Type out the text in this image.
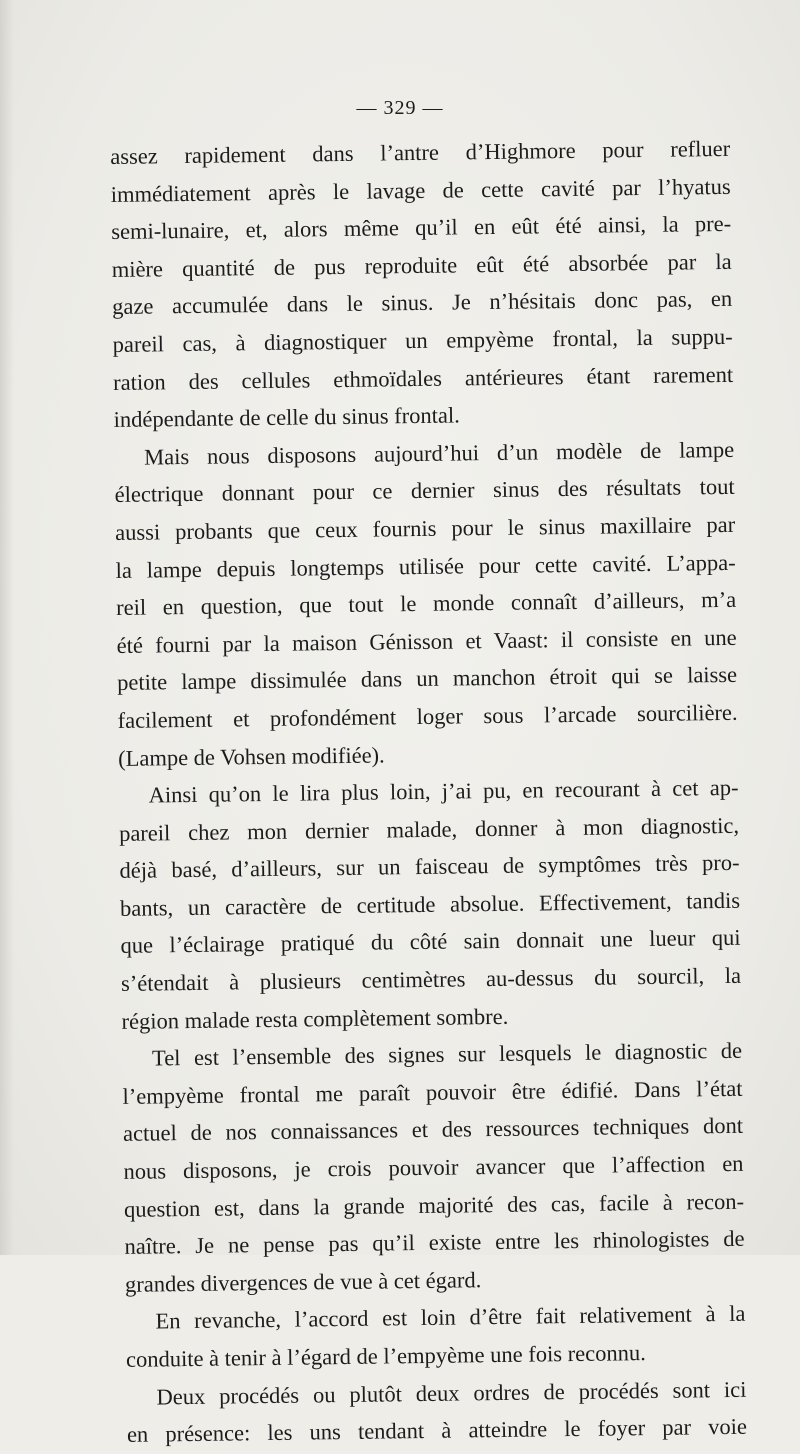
— 329 —
assez rapidement dans l’antre d’Highmore pour refluer
immédiatement après le lavage de cette cavité par l’hyatus
semi-lunaire, et, alors même qu’il en eût été ainsi, la pre-
mière quantité de pus reproduite eût été absorbée par la
gaze accumulée dans le sinus. Je n’hésitais donc pas, en
pareil cas, à diagnostiquer un empyème frontal, la suppu-
ration des cellules ethmoïdales antérieures étant rarement
indépendante de celle du sinus frontal.
Mais nous disposons aujourd’hui d’un modèle de lampe
électrique donnant pour ce dernier sinus des résultats tout
aussi probants que ceux fournis pour le sinus maxillaire par
la lampe depuis longtemps utilisée pour cette cavité. L’appa-
reil en question, que tout le monde connaît d’ailleurs, m’a
été fourni par la maison Génisson et Vaast: il consiste en une
petite lampe dissimulée dans un manchon étroit qui se laisse
facilement et profondément loger sous l’arcade sourcilière.
(Lampe de Vohsen modifiée).
Ainsi qu’on le lira plus loin, j’ai pu, en recourant à cet ap-
pareil chez mon dernier malade, donner à mon diagnostic,
déjà basé, d’ailleurs, sur un faisceau de symptômes très pro-
bants, un caractère de certitude absolue. Effectivement, tandis
que l’éclairage pratiqué du côté sain donnait une lueur qui
s’étendait à plusieurs centimètres au-dessus du sourcil, la
région malade resta complètement sombre.
Tel est l’ensemble des signes sur lesquels le diagnostic de
l’empyème frontal me paraît pouvoir être édifié. Dans l’état
actuel de nos connaissances et des ressources techniques dont
nous disposons, je crois pouvoir avancer que l’affection en
question est, dans la grande majorité des cas, facile à recon-
naître. Je ne pense pas qu’il existe entre les rhinologistes de
grandes divergences de vue à cet égard.
En revanche, l’accord est loin d’être fait relativement à la
conduite à tenir à l’égard de l’empyème une fois reconnu.
Deux procédés ou plutôt deux ordres de procédés sont ici
en présence: les uns tendant à atteindre le foyer par voie
